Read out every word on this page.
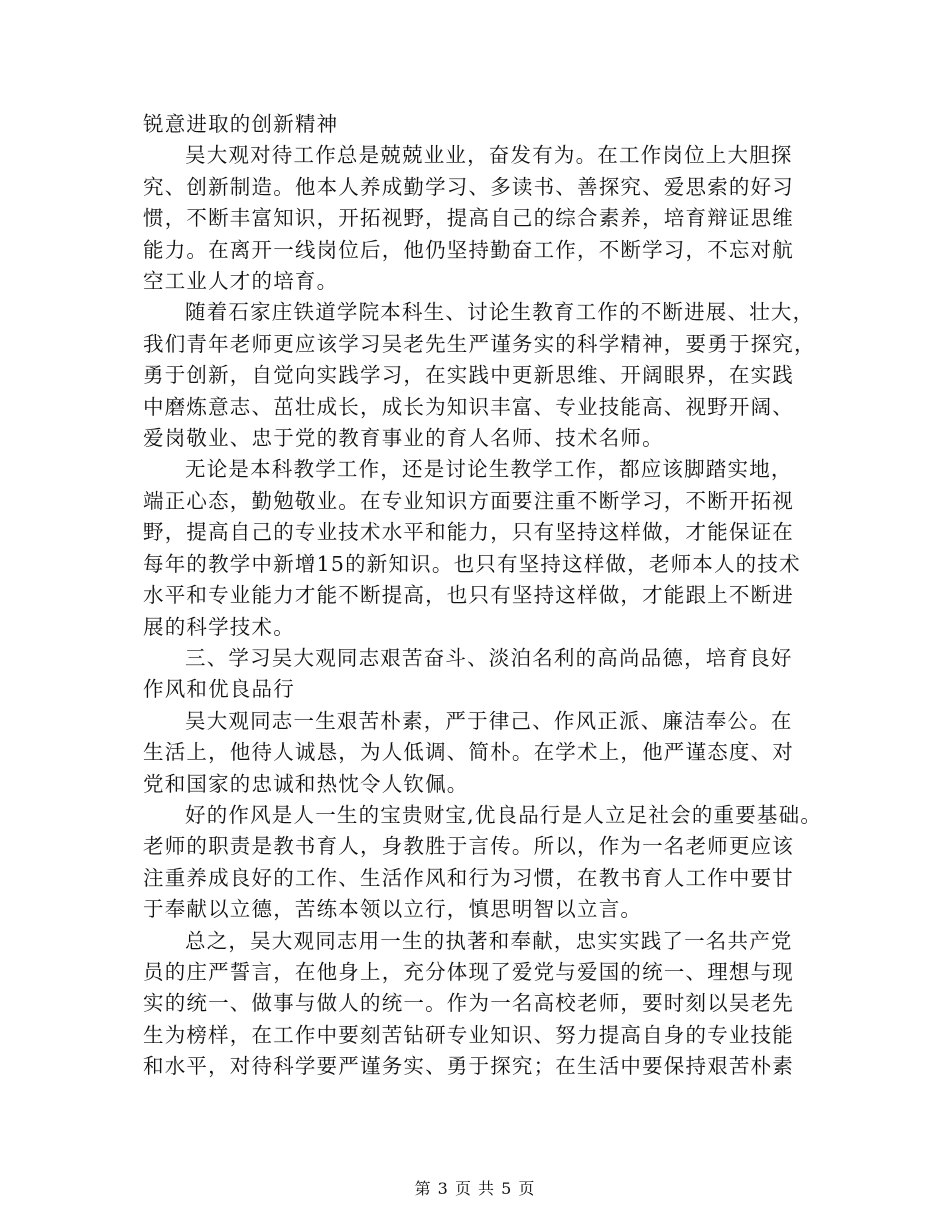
锐意进取的创新精神
吴大观对待工作总是兢兢业业，奋发有为。在工作岗位上大胆探
究、创新制造。他本人养成勤学习、多读书、善探究、爱思索的好习
惯，不断丰富知识，开拓视野，提高自己的综合素养，培育辩证思维
能力。在离开一线岗位后，他仍坚持勤奋工作，不断学习，不忘对航
空工业人才的培育。
随着石家庄铁道学院本科生、讨论生教育工作的不断进展、壮大，
我们青年老师更应该学习吴老先生严谨务实的科学精神，要勇于探究，
勇于创新，自觉向实践学习，在实践中更新思维、开阔眼界，在实践
中磨炼意志、茁壮成长，成长为知识丰富、专业技能高、视野开阔、
爱岗敬业、忠于党的教育事业的育人名师、技术名师。
无论是本科教学工作，还是讨论生教学工作，都应该脚踏实地，
端正心态，勤勉敬业。在专业知识方面要注重不断学习，不断开拓视
野，提高自己的专业技术水平和能力，只有坚持这样做，才能保证在
每年的教学中新增15的新知识。也只有坚持这样做，老师本人的技术
水平和专业能力才能不断提高，也只有坚持这样做，才能跟上不断进
展的科学技术。
三、学习吴大观同志艰苦奋斗、淡泊名利的高尚品德，培育良好
作风和优良品行
吴大观同志一生艰苦朴素，严于律己、作风正派、廉洁奉公。在
生活上，他待人诚恳，为人低调、简朴。在学术上，他严谨态度、对
党和国家的忠诚和热忱令人钦佩。
好的作风是人一生的宝贵财宝,优良品行是人立足社会的重要基础。
老师的职责是教书育人，身教胜于言传。所以，作为一名老师更应该
注重养成良好的工作、生活作风和行为习惯，在教书育人工作中要甘
于奉献以立德，苦练本领以立行，慎思明智以立言。
总之，吴大观同志用一生的执著和奉献，忠实实践了一名共产党
员的庄严誓言，在他身上，充分体现了爱党与爱国的统一、理想与现
实的统一、做事与做人的统一。作为一名高校老师，要时刻以吴老先
生为榜样，在工作中要刻苦钻研专业知识、努力提高自身的专业技能
和水平，对待科学要严谨务实、勇于探究；在生活中要保持艰苦朴素
第 3 页 共 5 页
